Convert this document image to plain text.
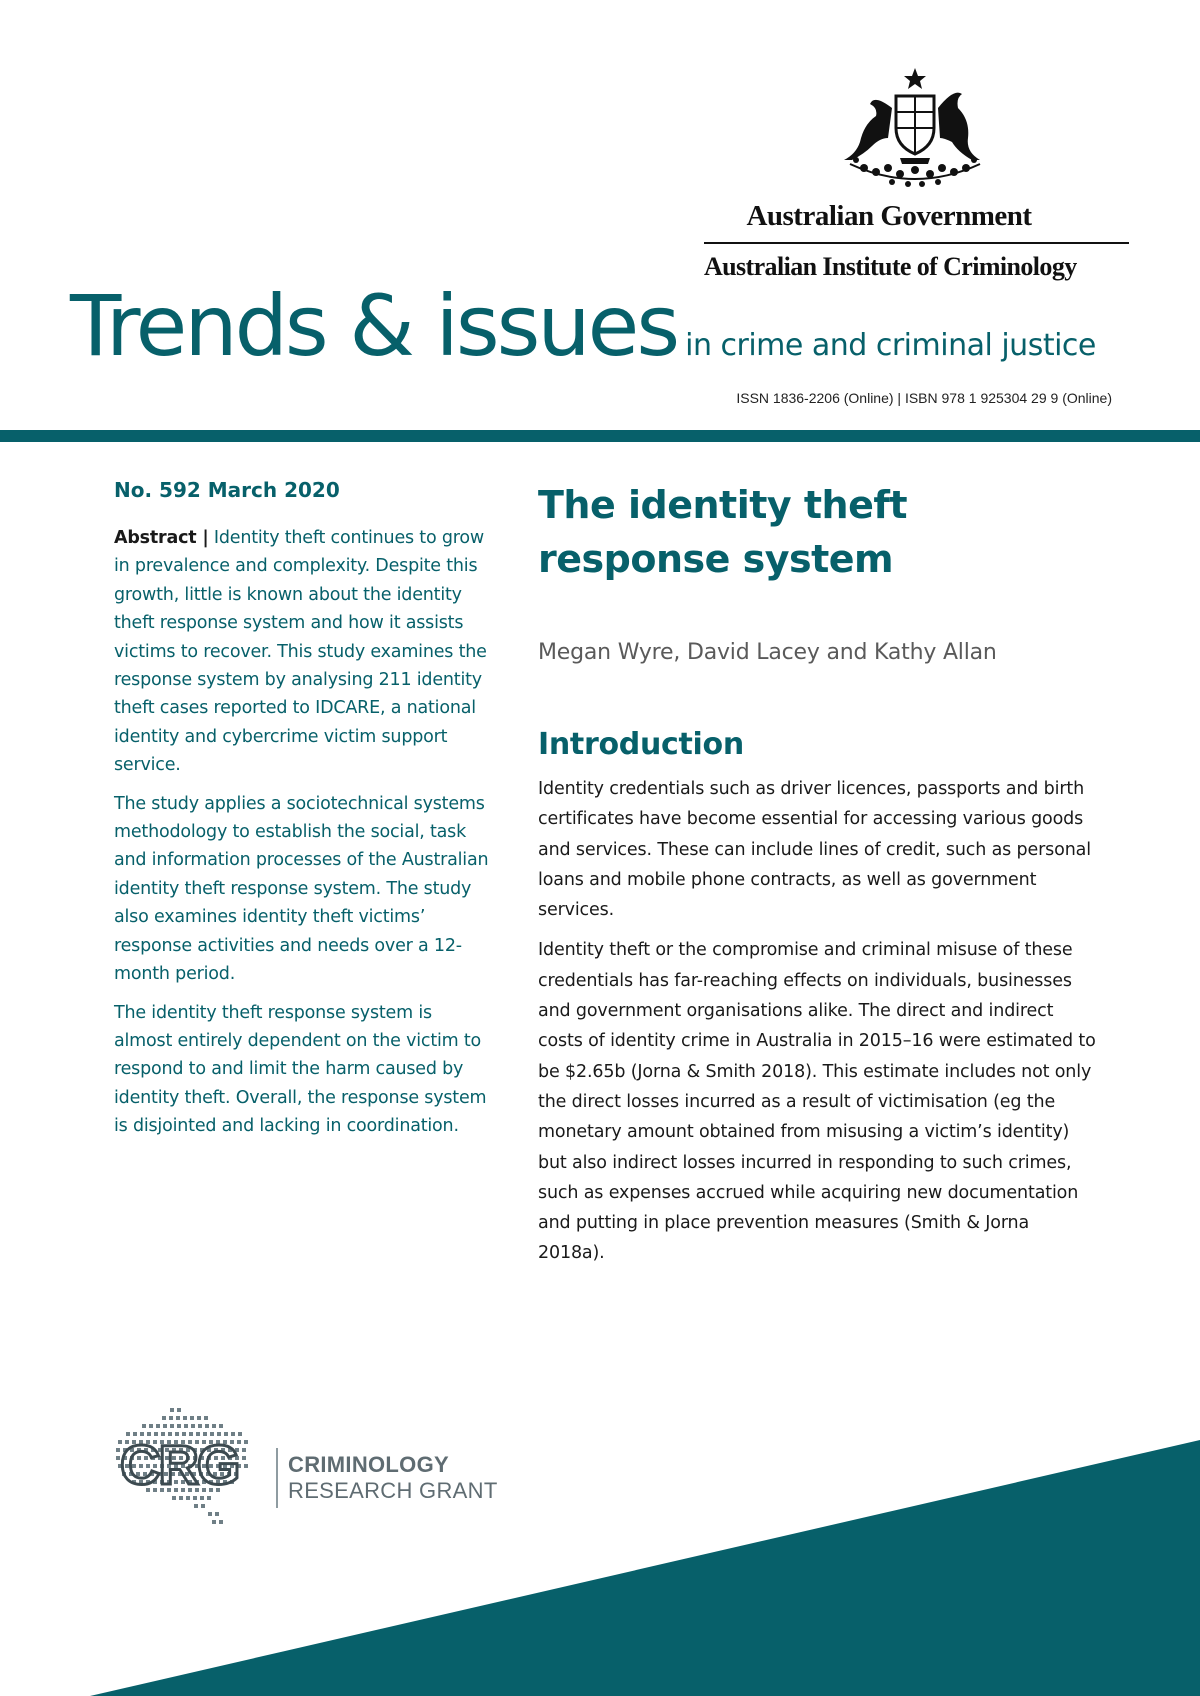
Australian Government
Australian Institute of Criminology
Trends & issues in crime and criminal justice
ISSN 1836-2206 (Online) | ISBN 978 1 925304 29 9 (Online)

No. 592 March 2020

Abstract | Identity theft continues to grow in prevalence and complexity. Despite this growth, little is known about the identity theft response system and how it assists victims to recover. This study examines the response system by analysing 211 identity theft cases reported to IDCARE, a national identity and cybercrime victim support service.

The study applies a sociotechnical systems methodology to establish the social, task and information processes of the Australian identity theft response system. The study also examines identity theft victims’ response activities and needs over a 12-month period.

The identity theft response system is almost entirely dependent on the victim to respond to and limit the harm caused by identity theft. Overall, the response system is disjointed and lacking in coordination.

The identity theft response system

Megan Wyre, David Lacey and Kathy Allan

Introduction

Identity credentials such as driver licences, passports and birth certificates have become essential for accessing various goods and services. These can include lines of credit, such as personal loans and mobile phone contracts, as well as government services.

Identity theft or the compromise and criminal misuse of these credentials has far-reaching effects on individuals, businesses and government organisations alike. The direct and indirect costs of identity crime in Australia in 2015–16 were estimated to be $2.65b (Jorna & Smith 2018). This estimate includes not only the direct losses incurred as a result of victimisation (eg the monetary amount obtained from misusing a victim’s identity) but also indirect losses incurred in responding to such crimes, such as expenses accrued while acquiring new documentation and putting in place prevention measures (Smith & Jorna 2018a).

CRG CRIMINOLOGY
RESEARCH GRANT
